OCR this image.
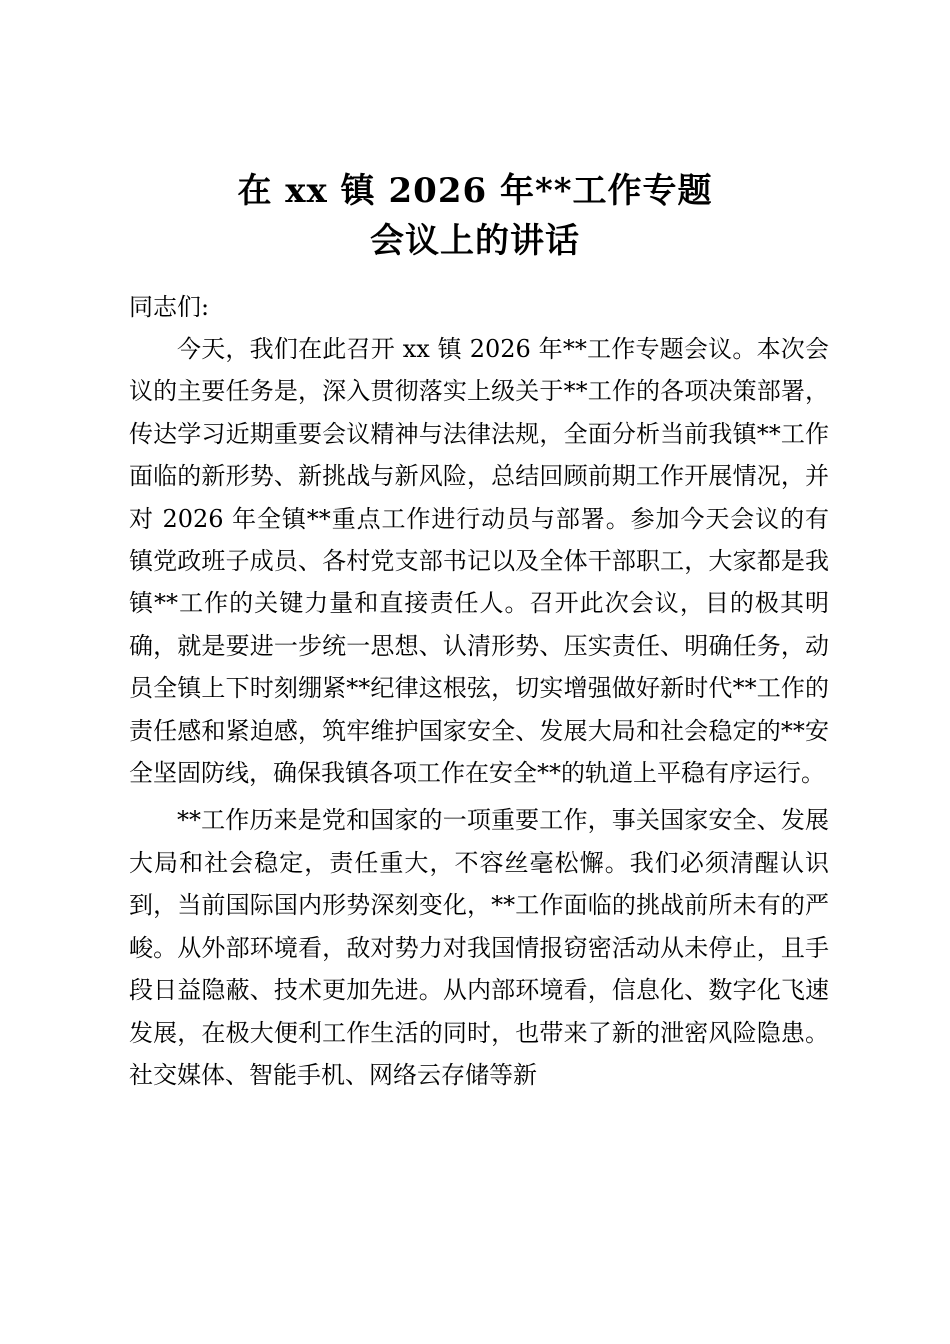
在 xx 镇 2026 年**工作专题
会议上的讲话
同志们:

今天，我们在此召开 xx 镇 2026 年**工作专题会议。本次会议的主要任务是，深入贯彻落实上级关于**工作的各项决策部署，传达学习近期重要会议精神与法律法规，全面分析当前我镇**工作面临的新形势、新挑战与新风险，总结回顾前期工作开展情况，并对 2026 年全镇**重点工作进行动员与部署。参加今天会议的有镇党政班子成员、各村党支部书记以及全体干部职工，大家都是我镇**工作的关键力量和直接责任人。召开此次会议，目的极其明确，就是要进一步统一思想、认清形势、压实责任、明确任务，动员全镇上下时刻绷紧**纪律这根弦，切实增强做好新时代**工作的责任感和紧迫感，筑牢维护国家安全、发展大局和社会稳定的**安全坚固防线，确保我镇各项工作在安全**的轨道上平稳有序运行。

**工作历来是党和国家的一项重要工作，事关国家安全、发展大局和社会稳定，责任重大，不容丝毫松懈。我们必须清醒认识到，当前国际国内形势深刻变化，**工作面临的挑战前所未有的严峻。从外部环境看，敌对势力对我国情报窃密活动从未停止，且手段日益隐蔽、技术更加先进。从内部环境看，信息化、数字化飞速发展，在极大便利工作生活的同时，也带来了新的泄密风险隐患。社交媒体、智能手机、网络云存储等新
